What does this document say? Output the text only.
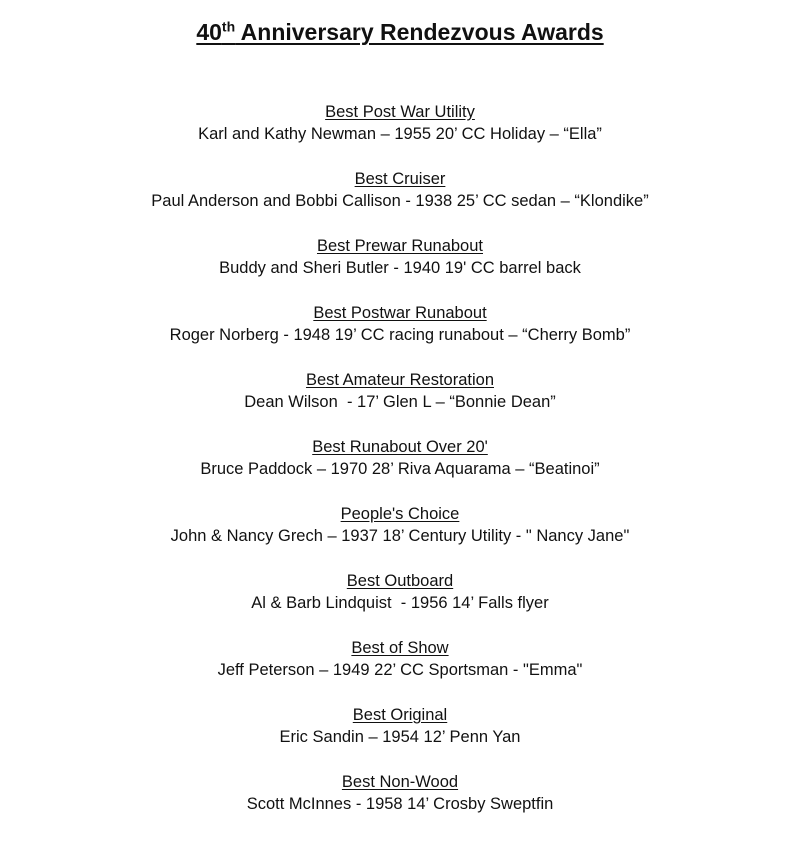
40th Anniversary Rendezvous Awards
Best Post War Utility
Karl and Kathy Newman – 1955 20’ CC Holiday – “Ella”
Best Cruiser
Paul Anderson and Bobbi Callison - 1938 25’ CC sedan – “Klondike”
Best Prewar Runabout
Buddy and Sheri Butler - 1940 19' CC barrel back
Best Postwar Runabout
Roger Norberg - 1948 19’ CC racing runabout – “Cherry Bomb”
Best Amateur Restoration
Dean Wilson  - 17’ Glen L – “Bonnie Dean”
Best Runabout Over 20'
Bruce Paddock – 1970 28’ Riva Aquarama – “Beatinoi”
People's Choice
John & Nancy Grech – 1937 18’ Century Utility - " Nancy Jane"
Best Outboard
Al & Barb Lindquist  - 1956 14’ Falls flyer
Best of Show
Jeff Peterson – 1949 22’ CC Sportsman - "Emma"
Best Original
Eric Sandin – 1954 12’ Penn Yan
Best Non-Wood
Scott McInnes - 1958 14’ Crosby Sweptfin
